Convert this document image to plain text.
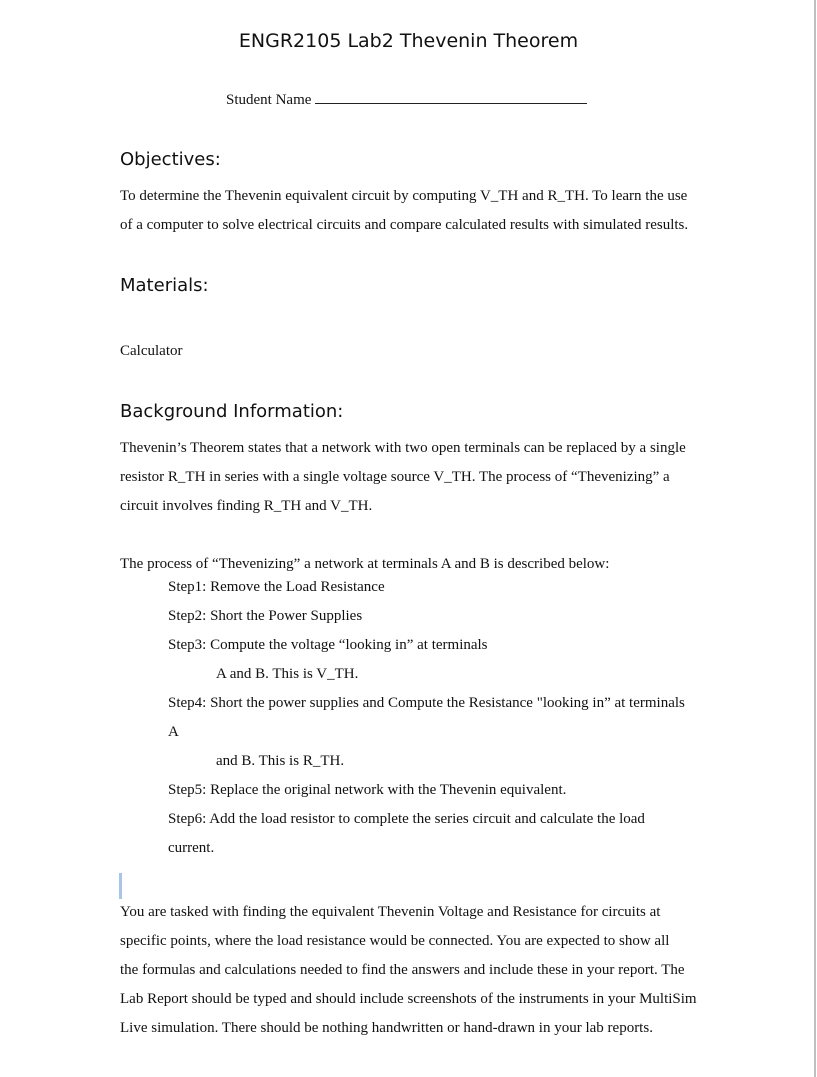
ENGR2105 Lab2 Thevenin Theorem
Student Name
Objectives:
To determine the Thevenin equivalent circuit by computing V_TH and R_TH. To learn the use
of a computer to solve electrical circuits and compare calculated results with simulated results.
Materials:
Calculator
Background Information:
Thevenin’s Theorem states that a network with two open terminals can be replaced by a single
resistor R_TH in series with a single voltage source V_TH. The process of “Thevenizing” a
circuit involves finding R_TH and V_TH.
The process of “Thevenizing” a network at terminals A and B is described below:
Step1: Remove the Load Resistance
Step2: Short the Power Supplies
Step3: Compute the voltage “looking in” at terminals
A and B. This is V_TH.
Step4: Short the power supplies and Compute the Resistance "looking in” at terminals
A
and B. This is R_TH.
Step5: Replace the original network with the Thevenin equivalent.
Step6: Add the load resistor to complete the series circuit and calculate the load
current.
You are tasked with finding the equivalent Thevenin Voltage and Resistance for circuits at
specific points, where the load resistance would be connected. You are expected to show all
the formulas and calculations needed to find the answers and include these in your report. The
Lab Report should be typed and should include screenshots of the instruments in your MultiSim
Live simulation. There should be nothing handwritten or hand-drawn in your lab reports.
